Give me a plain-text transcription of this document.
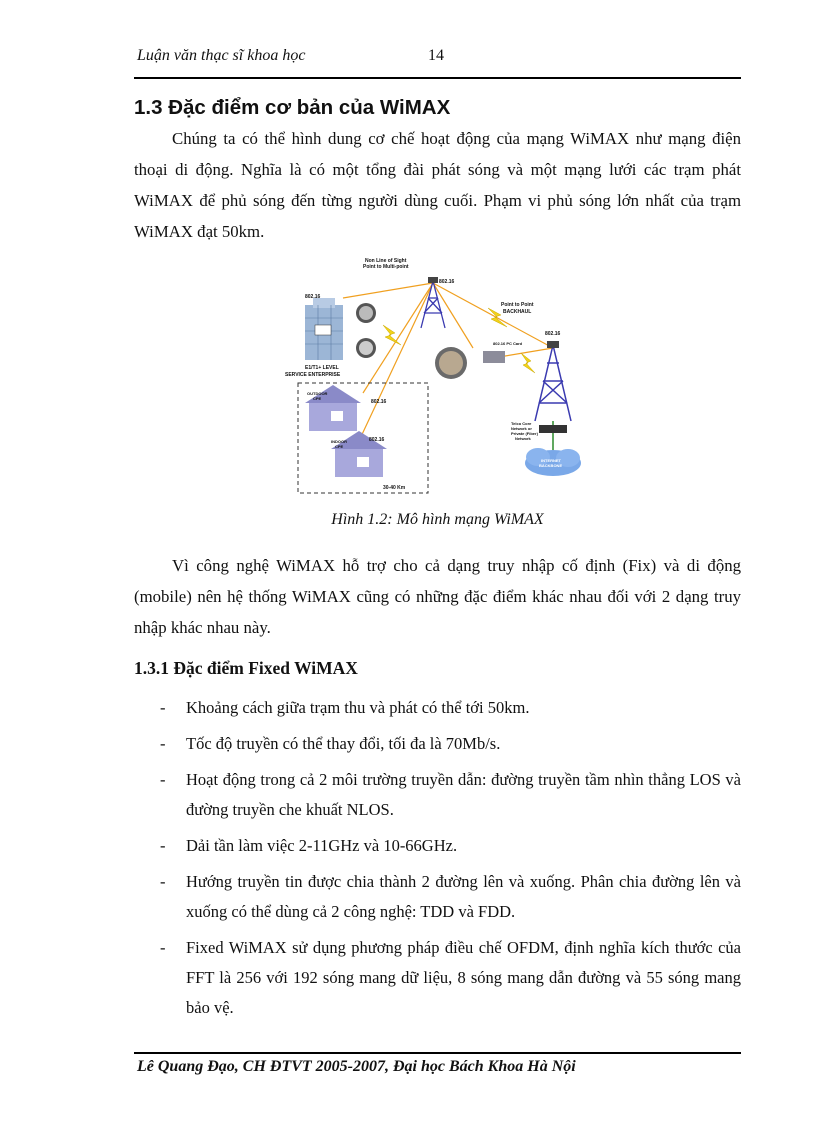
Luận văn thạc sĩ khoa học	14
1.3 Đặc điểm cơ bản của WiMAX
Chúng ta có thể hình dung cơ chế hoạt động của mạng WiMAX như mạng điện thoại di động. Nghĩa là có một tổng đài phát sóng và một mạng lưới các trạm phát WiMAX để phủ sóng đến từng người dùng cuối. Phạm vi phủ sóng lớn nhất của trạm WiMAX đạt 50km.
Non Line of Sight
Point to Multi-point
802.16
Point to Point
BACKHAUL
802.16
802.16
E1/T1+ LEVEL
SERVICE ENTERPRISE
802.16 PC Card
OUTDOOR
CPE
802.16
INDOOR
CPE
802.16
30-40 Km
Telco Core
Network or
Private (Fiber)
Network
INTERNET
BACKBONE
Hình 1.2: Mô hình mạng WiMAX
Vì công nghệ WiMAX hỗ trợ cho cả dạng truy nhập cố định (Fix) và di động (mobile) nên hệ thống WiMAX cũng có những đặc điểm khác nhau đối với 2 dạng truy nhập khác nhau này.
1.3.1 Đặc điểm Fixed WiMAX
- Khoảng cách giữa trạm thu và phát có thể tới 50km.
- Tốc độ truyền có thể thay đổi, tối đa là 70Mb/s.
- Hoạt động trong cả 2 môi trường truyền dẫn: đường truyền tầm nhìn thẳng LOS và đường truyền che khuất NLOS.
- Dải tần làm việc 2-11GHz và 10-66GHz.
- Hướng truyền tin được chia thành 2 đường lên và xuống. Phân chia đường lên và xuống có thể dùng cả 2 công nghệ: TDD và FDD.
- Fixed WiMAX sử dụng phương pháp điều chế OFDM, định nghĩa kích thước của FFT là 256 với 192 sóng mang dữ liệu, 8 sóng mang dẫn đường và 55 sóng mang bảo vệ.
Lê Quang Đạo, CH ĐTVT 2005-2007, Đại học Bách Khoa Hà Nội
